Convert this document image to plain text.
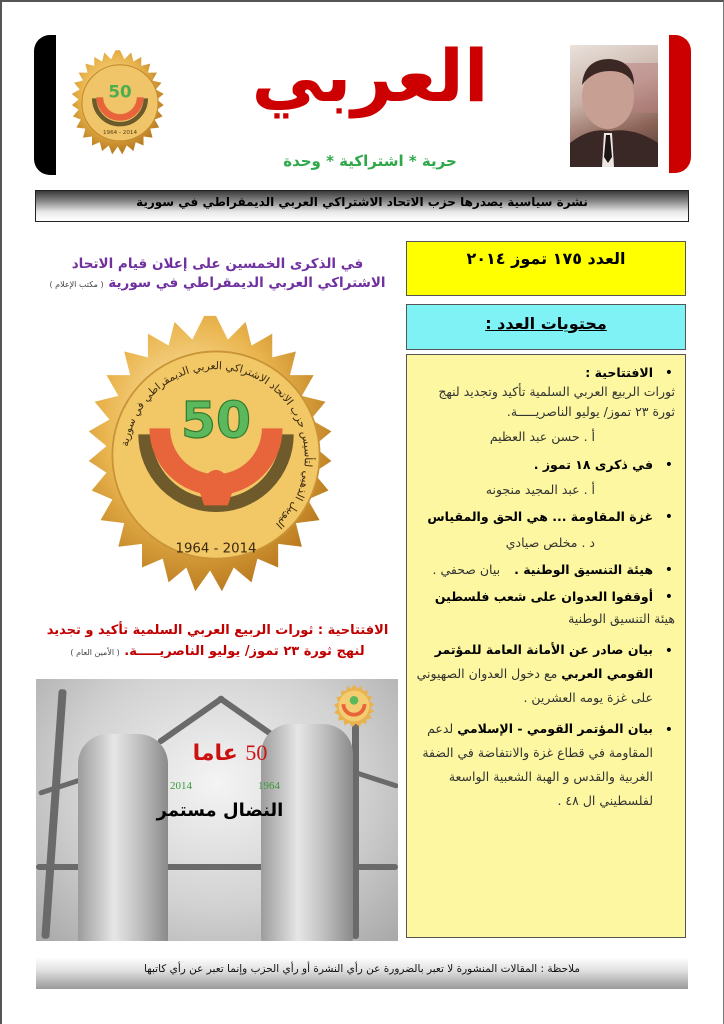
50
1964 - 2014
العربي
حرية * اشتراكية * وحدة
نشرة سياسية يصدرها حزب الاتحاد الاشتراكي العربي الديمقراطي في سورية
العدد ١٧٥ تموز ٢٠١٤
محتويات العدد :
•
الافتتاحية :
ثورات الربيع العربي السلمية تأكيد وتجديد لنهج ثورة ٢٣ تموز/ يوليو الناصريـــــة.
أ . حسن عبد العظيم
•
في ذكرى ١٨ تموز .
أ . عبد المجيد منجونه
•
غزة المقاومة ... هي الحق والمقياس
د . مخلص صيادي
•
هيئة التنسيق الوطنية . بيان صحفي .
•
أوقفوا العدوان على شعب فلسطين
هيئة التنسيق الوطنية
•
بيان صادر عن الأمانة العامة للمؤتمر القومي العربي مع دخول العدوان الصهيوني على غزة يومه العشرين .
•
بيان المؤتمر القومي - الإسلامي لدعم المقاومة في قطاع غزة والانتفاضة في الضفة الغربية والقدس و الهبة الشعبية الواسعة لفلسطيني ال ٤٨ .
في الذكرى الخمسين على إعلان قيام الاتحاد الاشتراكي العربي الديمقراطي في سورية ( مكتب الإعلام )
اليوبيل الذهبي لتأسيس حزب الاتحاد الاشتراكي العربي الديمقراطي في سورية
50
1964 - 2014
الافتتاحية : ثورات الربيع العربي السلمية تأكيد و تجديد لنهج ثورة ٢٣ تموز/ يوليو الناصريـــــة. ( الأمين العام )
50 عاما
2014	1964
النضال مستمر
ملاحظة : المقالات المنشورة لا تعبر بالضرورة عن رأي النشرة أو رأي الحزب وإنما تعبر عن رأي كاتبها
